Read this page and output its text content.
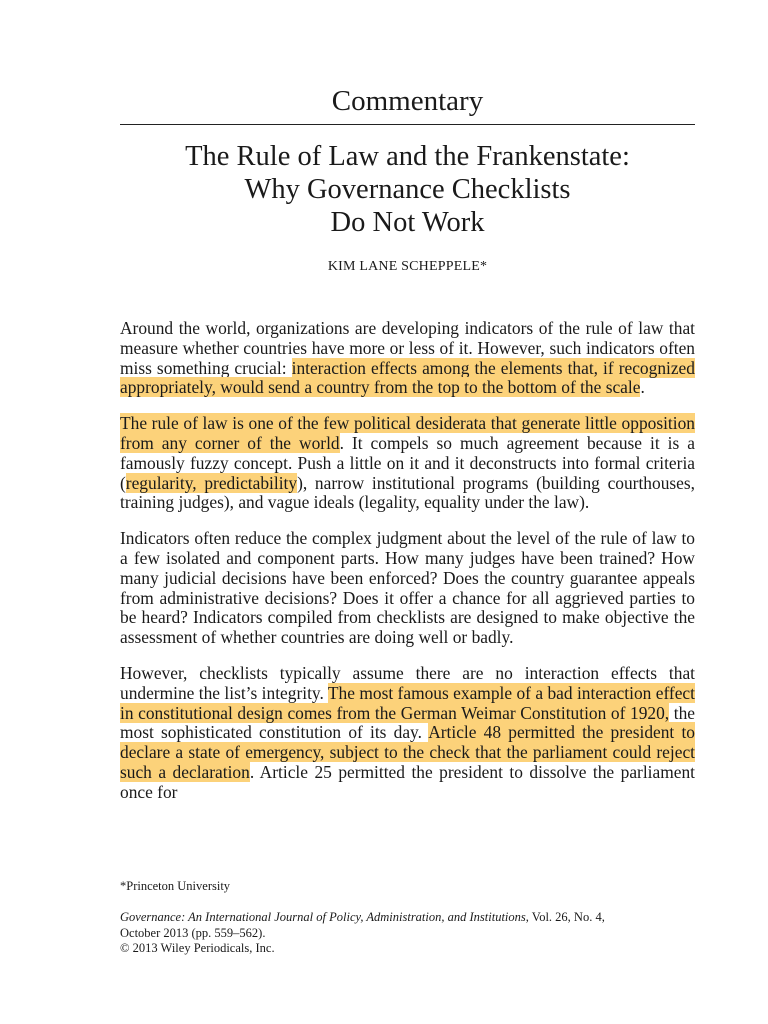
Commentary
The Rule of Law and the Frankenstate:
Why Governance Checklists
Do Not Work
KIM LANE SCHEPPELE*

Around the world, organizations are developing indicators of the rule of law that measure whether countries have more or less of it. However, such indicators often miss something crucial: interaction effects among the elements that, if recognized appropriately, would send a country from the top to the bottom of the scale.

The rule of law is one of the few political desiderata that generate little opposition from any corner of the world. It compels so much agreement because it is a famously fuzzy concept. Push a little on it and it deconstructs into formal criteria (regularity, predictability), narrow institutional programs (building courthouses, training judges), and vague ideals (legality, equality under the law).

Indicators often reduce the complex judgment about the level of the rule of law to a few isolated and component parts. How many judges have been trained? How many judicial decisions have been enforced? Does the country guarantee appeals from administrative decisions? Does it offer a chance for all aggrieved parties to be heard? Indicators compiled from checklists are designed to make objective the assessment of whether countries are doing well or badly.

However, checklists typically assume there are no interaction effects that undermine the list’s integrity. The most famous example of a bad interaction effect in constitutional design comes from the German Weimar Constitution of 1920, the most sophisticated constitution of its day. Article 48 permitted the president to declare a state of emergency, subject to the check that the parliament could reject such a declaration. Article 25 permitted the president to dissolve the parliament once for

*Princeton University
Governance: An International Journal of Policy, Administration, and Institutions, Vol. 26, No. 4,
October 2013 (pp. 559–562).
© 2013 Wiley Periodicals, Inc.
